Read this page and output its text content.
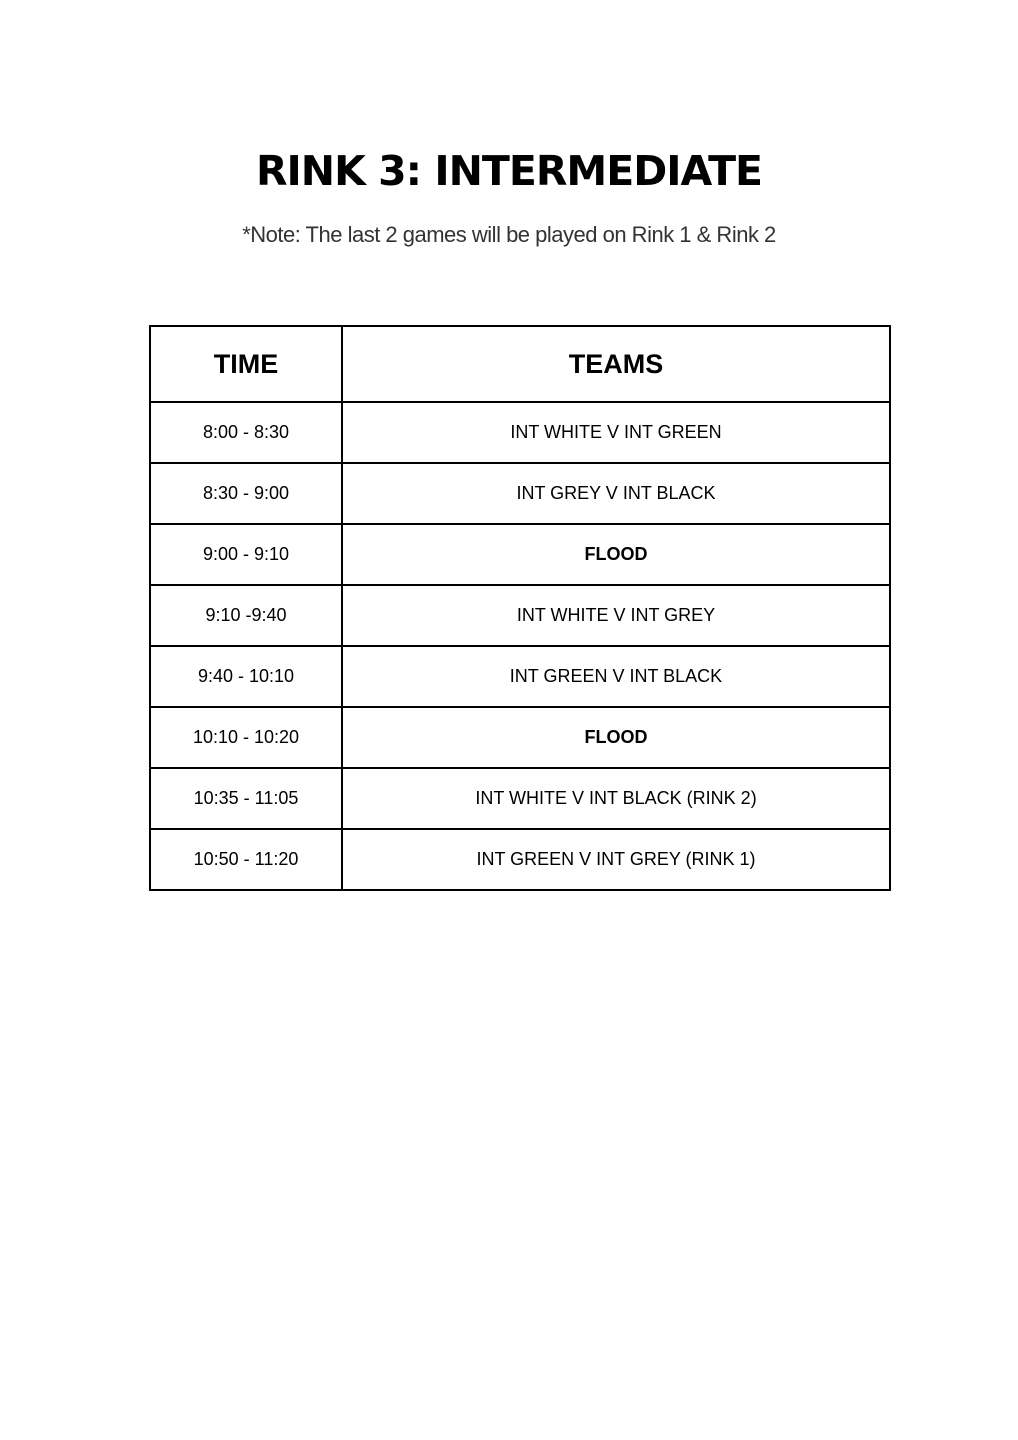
RINK 3: INTERMEDIATE
*Note: The last 2 games will be played on Rink 1 & Rink 2
TIME	TEAMS
8:00 - 8:30	INT WHITE V INT GREEN
8:30 - 9:00	INT GREY V INT BLACK
9:00 - 9:10	FLOOD
9:10 -9:40	INT WHITE V INT GREY
9:40 - 10:10	INT GREEN V INT BLACK
10:10 - 10:20	FLOOD
10:35 - 11:05	INT WHITE V INT BLACK (RINK 2)
10:50 - 11:20	INT GREEN V INT GREY (RINK 1)
